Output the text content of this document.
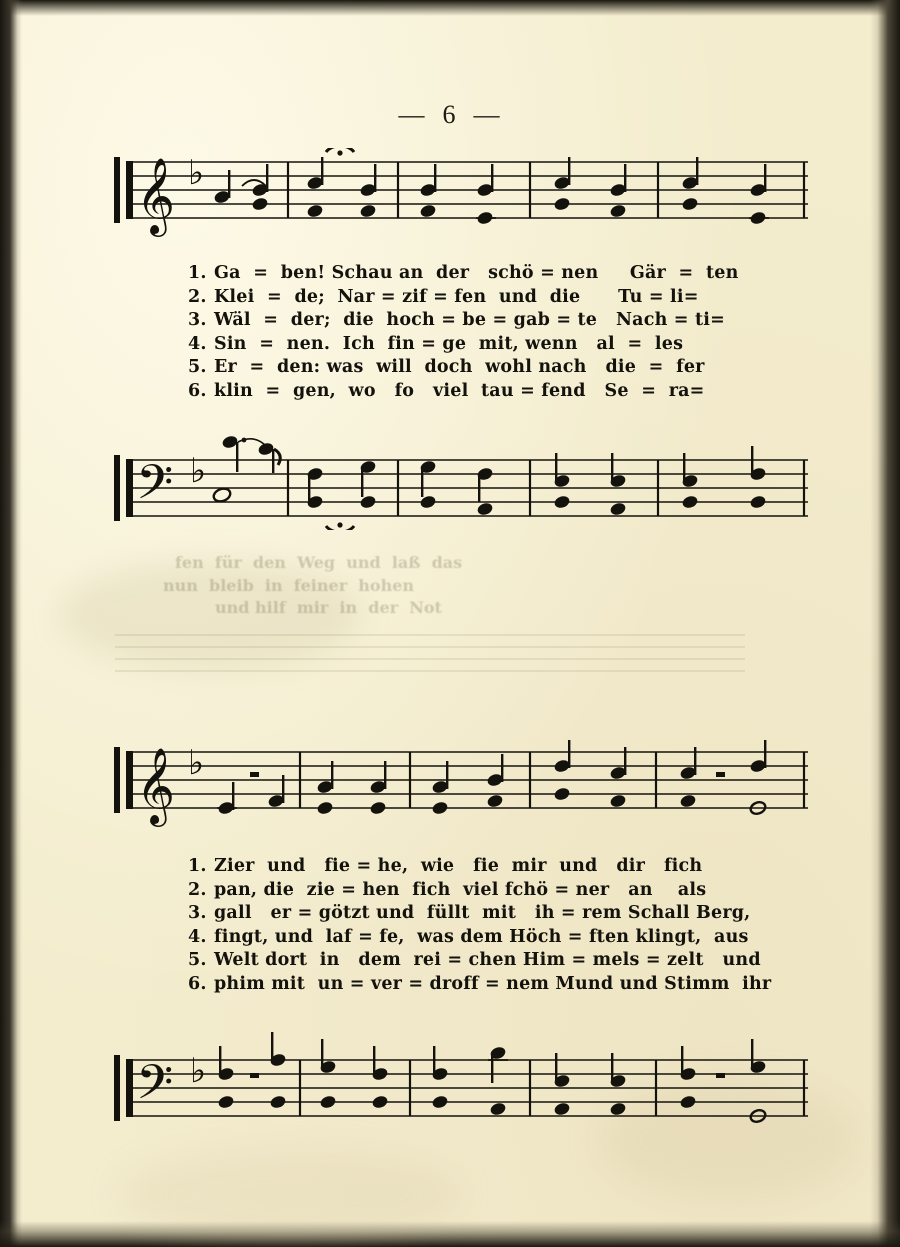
— 6 —
𝄞 ♭
1. Ga  =  ben! Schau an  der   schö = nen     Gär  =  ten
2. Klei  =  de;  Nar = zif = fen  und  die      Tu = li=
3. Wäl  =  der;  die  hoch = be = gab = te   Nach = ti=
4. Sin  =  nen.  Ich  fin = ge  mit, wenn   al  =  les
5. Er  =  den: was  will  doch  wohl nach   die  =  fer
6. klin  =  gen,  wo   fo   viel  tau = fend   Se  =  ra=
𝄢 ♭

fen  für  den  Weg  und  laß  das

nun  bleib  in  feiner  hohen

und hilf  mir  in  der  Not

𝄞 ♭
1. Zier  und   fie = he,  wie   fie  mir  und   dir   fich
2. pan, die  zie = hen  fich  viel fchö = ner   an    als
3. gall   er = götzt und  füllt  mit   ih = rem Schall Berg,
4. fingt, und  laf = fe,  was dem Höch = ften klingt,  aus
5. Welt dort  in   dem  rei = chen Him = mels = zelt   und
6. phim mit  un = ver = droff = nem Mund und Stimm  ihr
𝄢 ♭
